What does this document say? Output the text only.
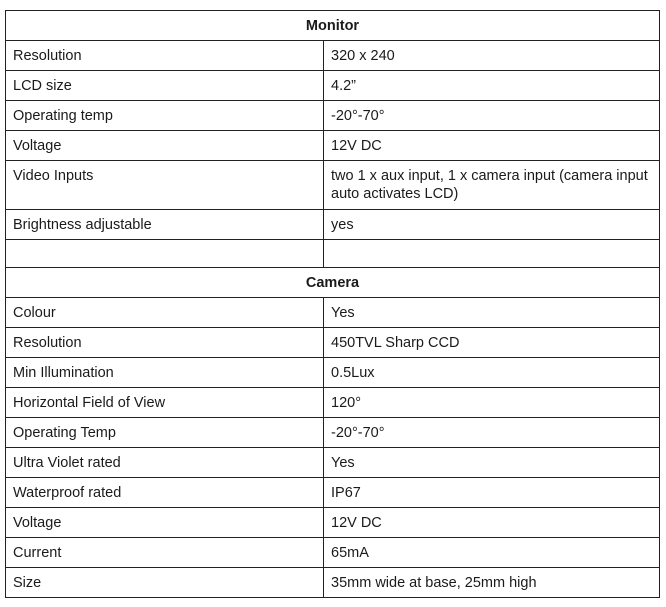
Monitor	
Resolution	320 x 240
LCD size	4.2”
Operating temp	-20°-70°
Voltage	12V DC
Video Inputs	two 1 x aux input, 1 x camera input (camera input auto activates LCD)
Brightness adjustable	yes

Camera	
Colour	Yes
Resolution	450TVL Sharp CCD
Min Illumination	0.5Lux
Horizontal Field of View	120°
Operating Temp	-20°-70°
Ultra Violet rated	Yes
Waterproof rated	IP67
Voltage	12V DC
Current	65mA
Size	35mm wide at base, 25mm high
